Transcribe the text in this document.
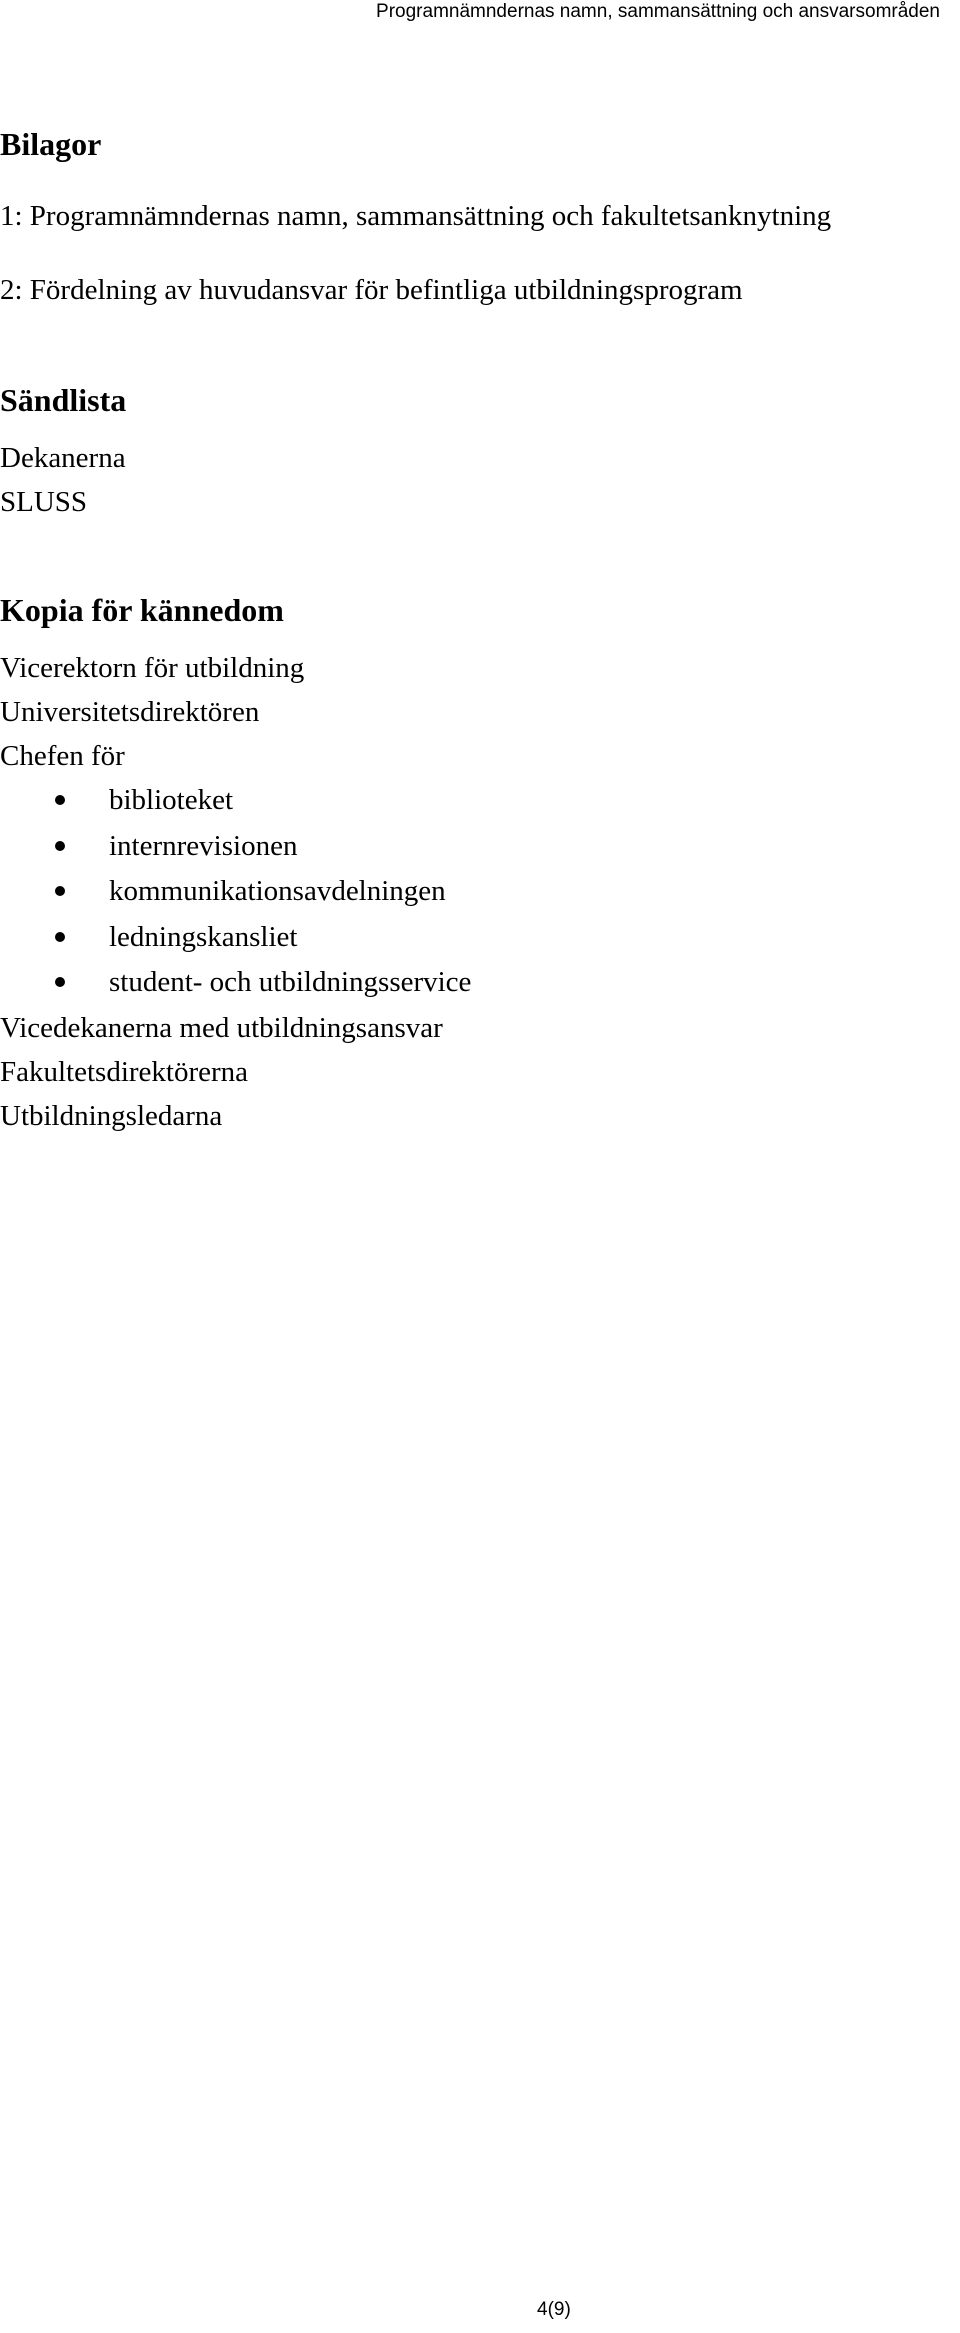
Programnämndernas namn, sammansättning och ansvarsområden
Bilagor
1: Programnämndernas namn, sammansättning och fakultetsanknytning
2: Fördelning av huvudansvar för befintliga utbildningsprogram
Sändlista
Dekanerna
SLUSS
Kopia för kännedom
Vicerektorn för utbildning
Universitetsdirektören
Chefen för
biblioteket
internrevisionen
kommunikationsavdelningen
ledningskansliet
student- och utbildningsservice
Vicedekanerna med utbildningsansvar
Fakultetsdirektörerna
Utbildningsledarna
4(9)
